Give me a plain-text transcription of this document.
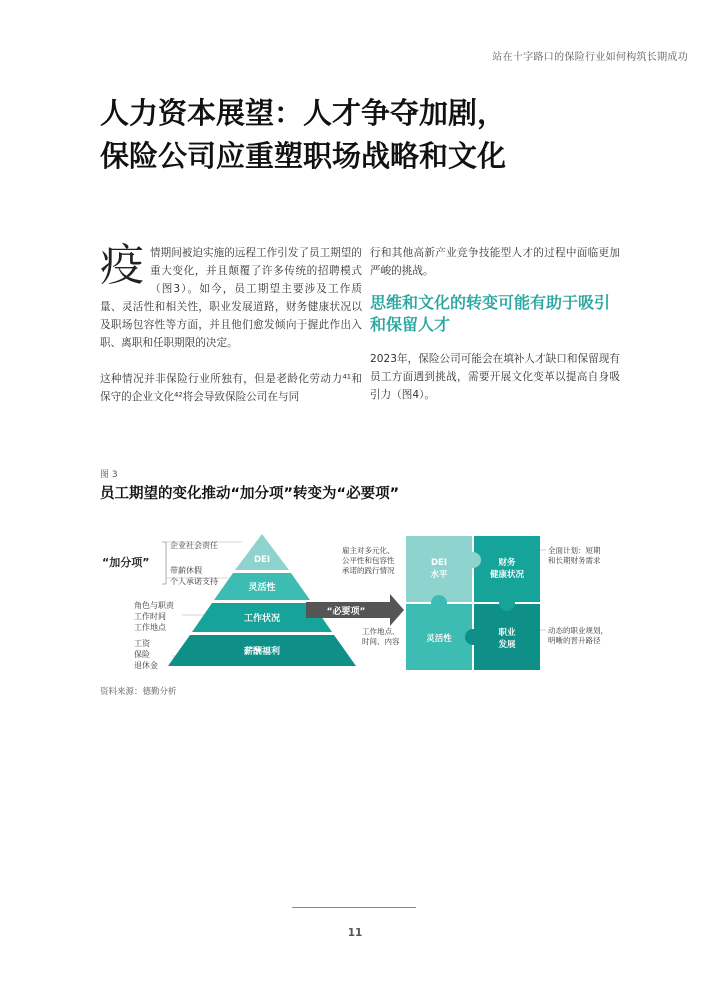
站在十字路口的保险行业如何构筑长期成功
人力资本展望：人才争夺加剧，
保险公司应重塑职场战略和文化

疫情期间被迫实施的远程工作引发了员工期望的重大变化，并且颠覆了许多传统的招聘模式（图3）。如今，员工期望主要涉及工作质量、灵活性和相关性，职业发展道路，财务健康状况以及职场包容性等方面，并且他们愈发倾向于握此作出入职、离职和任职期限的决定。

这种情况并非保险行业所独有，但是老龄化劳动力⁴¹和保守的企业文化⁴²将会导致保险公司在与同

行和其他高新产业竞争技能型人才的过程中面临更加严峻的挑战。

思维和文化的转变可能有助于吸引和保留人才

2023年，保险公司可能会在填补人才缺口和保留现有员工方面遇到挑战，需要开展文化变革以提高自身吸引力（图4）。

图 3
员工期望的变化推动“加分项”转变为“必要项”
“加分项”
企业社会责任
带薪休假
个人承诺支持
角色与职责
工作时间
工作地点
工资
保险
退休金
DEI
灵活性
工作状况
薪酬福利
“必要项”
雇主对多元化、
公平性和包容性
承诺的践行情况
工作地点、
时间、内容
DEI
水平
财务
健康状况
灵活性
职业
发展
全面计划：短期
和长期财务需求
动态的职业规划，
明晰的晋升路径
资料来源：德勤分析
11
